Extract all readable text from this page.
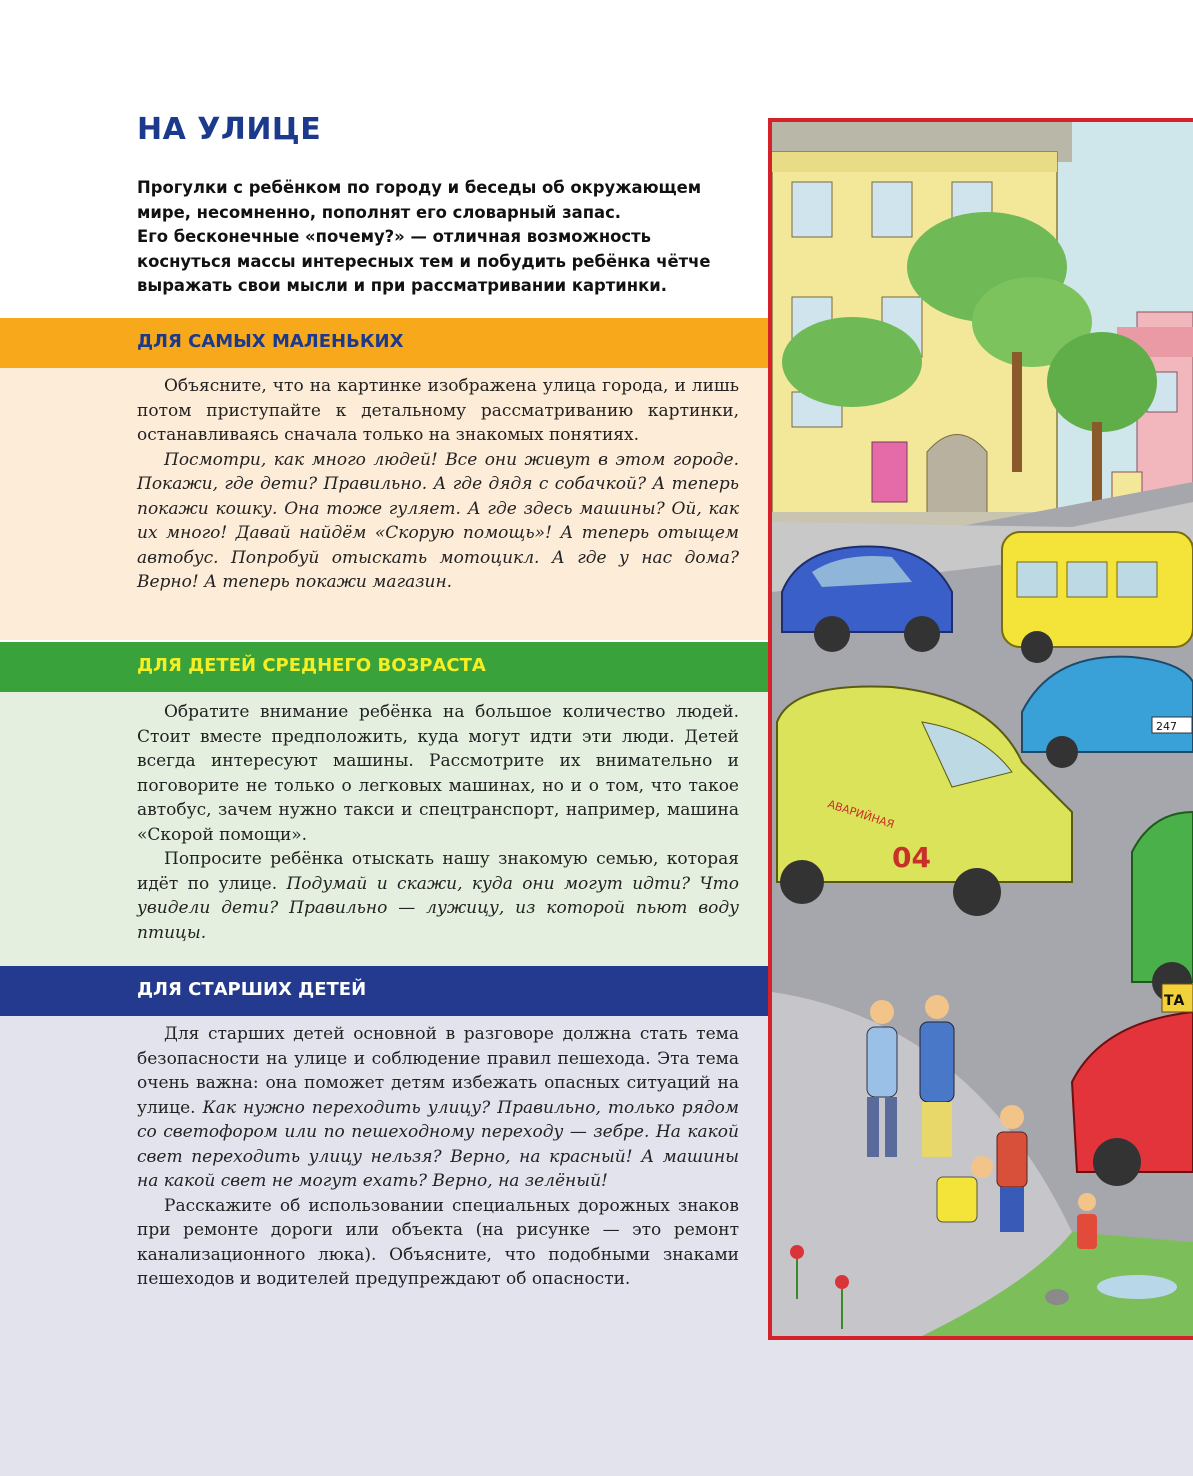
НА УЛИЦЕ
Прогулки с ребёнком по городу и беседы об окружающем
мире, несомненно, пополнят его словарный запас.
Его бесконечные «почему?» — отличная возможность
коснуться массы интересных тем и побудить ребёнка чётче
выражать свои мысли и при рассматривании картинки.
ДЛЯ САМЫХ МАЛЕНЬКИХ

Объясните, что на картинке изображена улица города, и лишь потом приступайте к детальному рассматриванию картинки, останавливаясь сначала только на знакомых понятиях.

Посмотри, как много людей! Все они живут в этом городе. Покажи, где дети? Правильно. А где дядя с собачкой? А теперь покажи кошку. Она тоже гуляет. А где здесь машины? Ой, как их много! Давай найдём «Скорую помощь»! А теперь отыщем автобус. Попробуй отыскать мотоцикл. А где у нас дома? Верно! А теперь покажи магазин.

ДЛЯ ДЕТЕЙ СРЕДНЕГО ВОЗРАСТА

Обратите внимание ребёнка на большое количество людей. Стоит вместе предположить, куда могут идти эти люди. Детей всегда интересуют машины. Рассмотрите их внимательно и поговорите не только о легковых машинах, но и о том, что такое автобус, зачем нужно такси и спецтранспорт, например, машина «Скорой помощи».

Попросите ребёнка отыскать нашу знакомую семью, которая идёт по улице. Подумай и скажи, куда они могут идти? Что увидели дети? Правильно — лужицу, из которой пьют воду птицы.

ДЛЯ СТАРШИХ ДЕТЕЙ

Для старших детей основной в разговоре должна стать тема безопасности на улице и соблюдение правил пешехода. Эта тема очень важна: она поможет детям избежать опасных ситуаций на улице. Как нужно переходить улицу? Правильно, только рядом со светофором или по пешеходному переходу — зебре. На какой свет переходить улицу нельзя? Верно, на красный! А машины на какой свет не могут ехать? Верно, на зелёный!

Расскажите об использовании специальных дорожных знаков при ремонте дороги или объекта (на рисунке — это ремонт канализационного люка). Объясните, что подобными знаками пешеходов и водителей предупреждают об опасности.

247
АВАРИЙНАЯ
04
ТА
